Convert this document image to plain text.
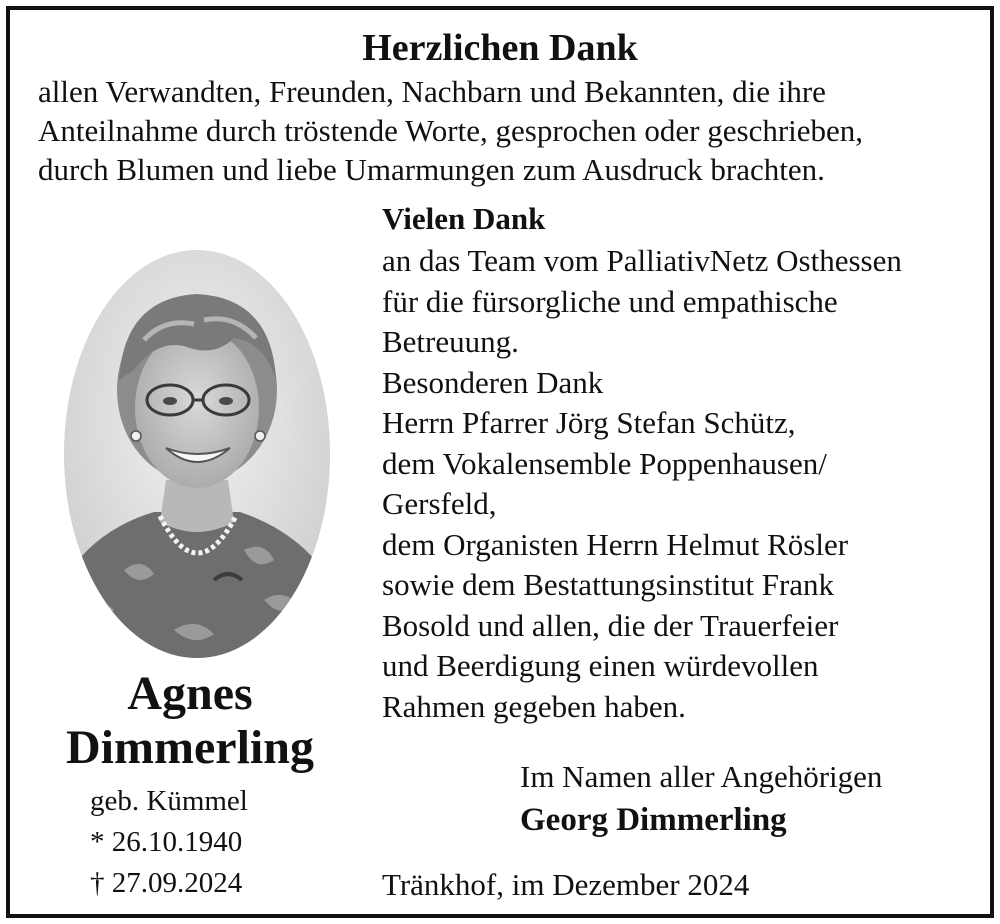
Herzlichen Dank
allen Verwandten, Freunden, Nachbarn und Bekannten, die ihre
Anteilnahme durch tröstende Worte, gesprochen oder geschrieben,
durch Blumen und liebe Umarmungen zum Ausdruck brachten.
Vielen Dank
an das Team vom PalliativNetz Osthessen
für die fürsorgliche und empathische
Betreuung.
Besonderen Dank
Herrn Pfarrer Jörg Stefan Schütz,
dem Vokalensemble Poppenhausen/
Gersfeld,
dem Organisten Herrn Helmut Rösler
sowie dem Bestattungsinstitut Frank
Bosold und allen, die der Trauerfeier
und Beerdigung einen würdevollen
Rahmen gegeben haben.
Agnes
Dimmerling
geb. Kümmel
* 26.10.1940
† 27.09.2024
Im Namen aller Angehörigen
Georg Dimmerling
Tränkhof, im Dezember 2024
